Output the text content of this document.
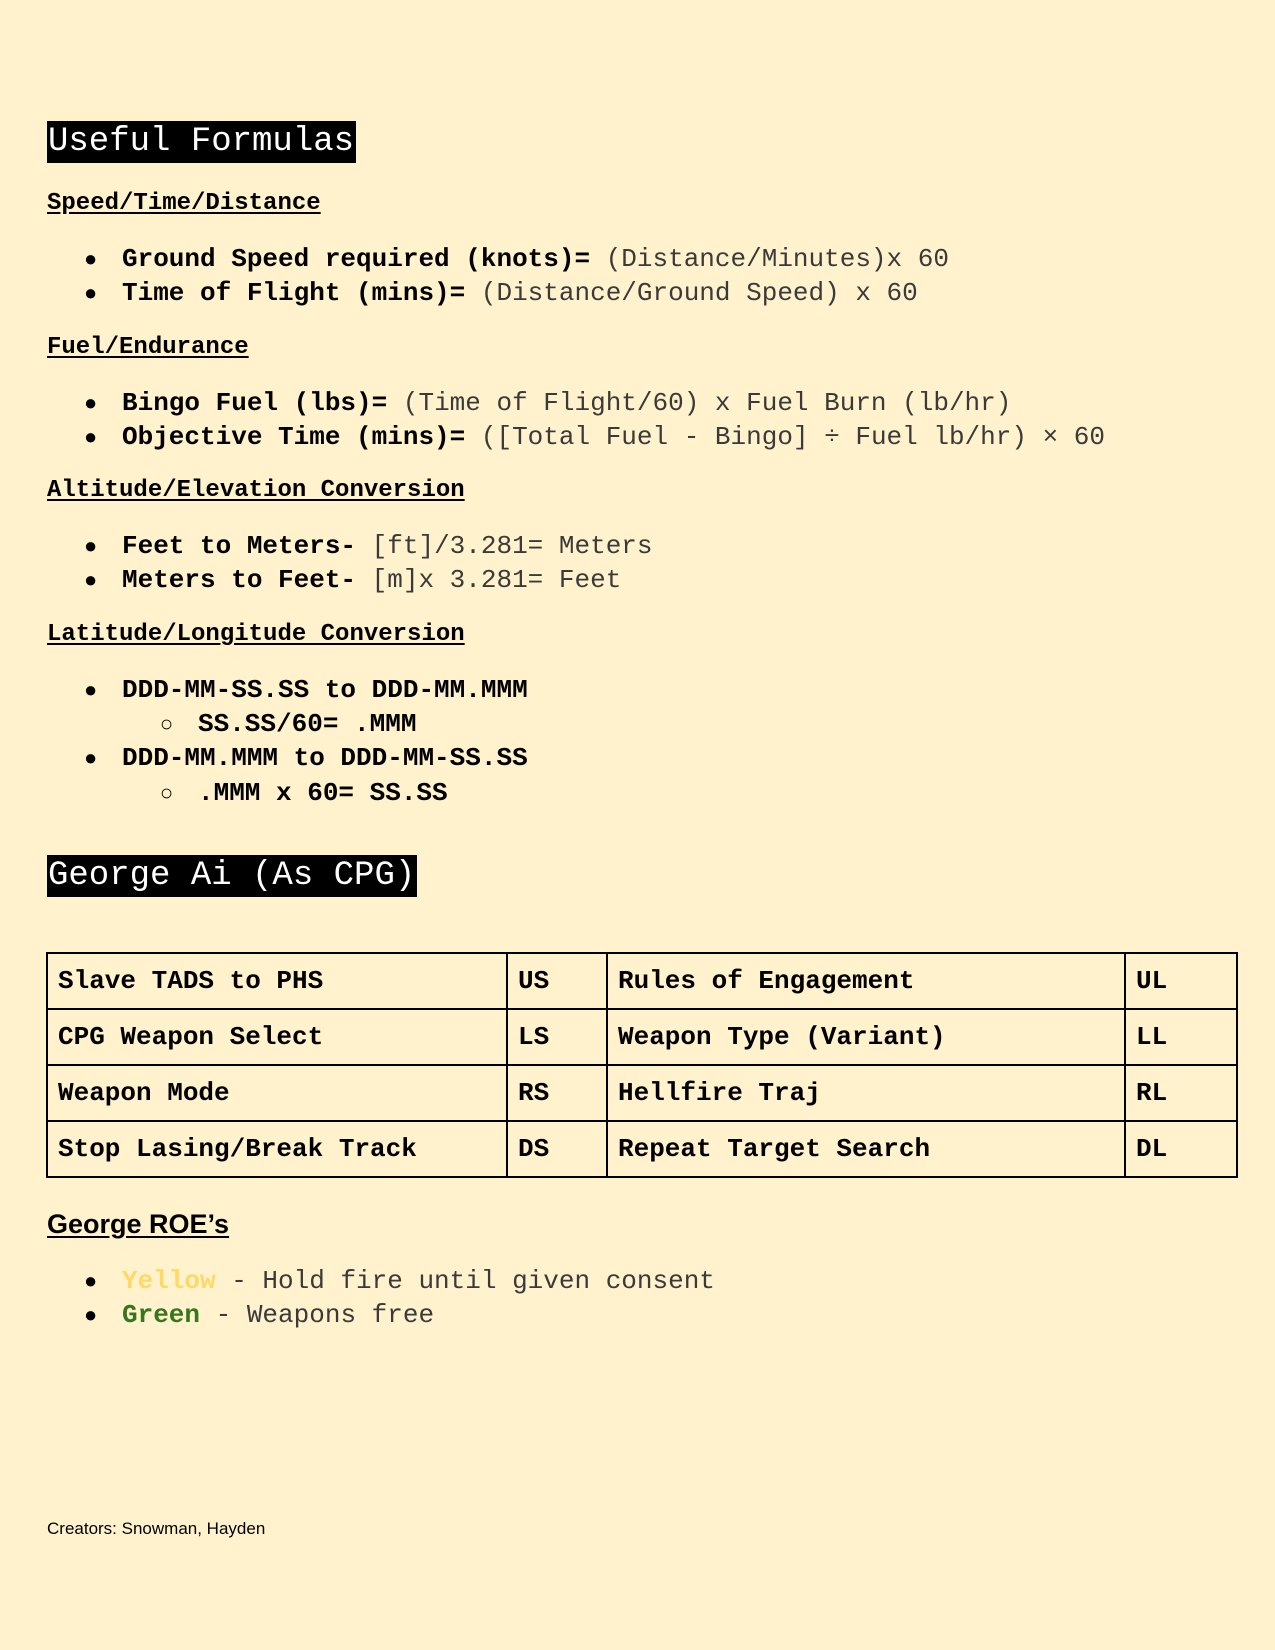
Useful Formulas
Speed/Time/Distance
● Ground Speed required (knots)= (Distance/Minutes)x 60
● Time of Flight (mins)= (Distance/Ground Speed) x 60
Fuel/Endurance
● Bingo Fuel (lbs)= (Time of Flight/60) x Fuel Burn (lb/hr)
● Objective Time (mins)= ([Total Fuel - Bingo] ÷ Fuel lb/hr) × 60
Altitude/Elevation Conversion
● Feet to Meters- [ft]/3.281= Meters
● Meters to Feet- [m]x 3.281= Feet
Latitude/Longitude Conversion
● DDD-MM-SS.SS to DDD-MM.MMM
○ SS.SS/60= .MMM
● DDD-MM.MMM to DDD-MM-SS.SS
○ .MMM x 60= SS.SS
George Ai (As CPG)
Slave TADS to PHS	US	Rules of Engagement	UL
CPG Weapon Select	LS	Weapon Type (Variant)	LL
Weapon Mode	RS	Hellfire Traj	RL
Stop Lasing/Break Track	DS	Repeat Target Search	DL
George ROE’s
● Yellow - Hold fire until given consent
● Green - Weapons free
Creators: Snowman, Hayden
